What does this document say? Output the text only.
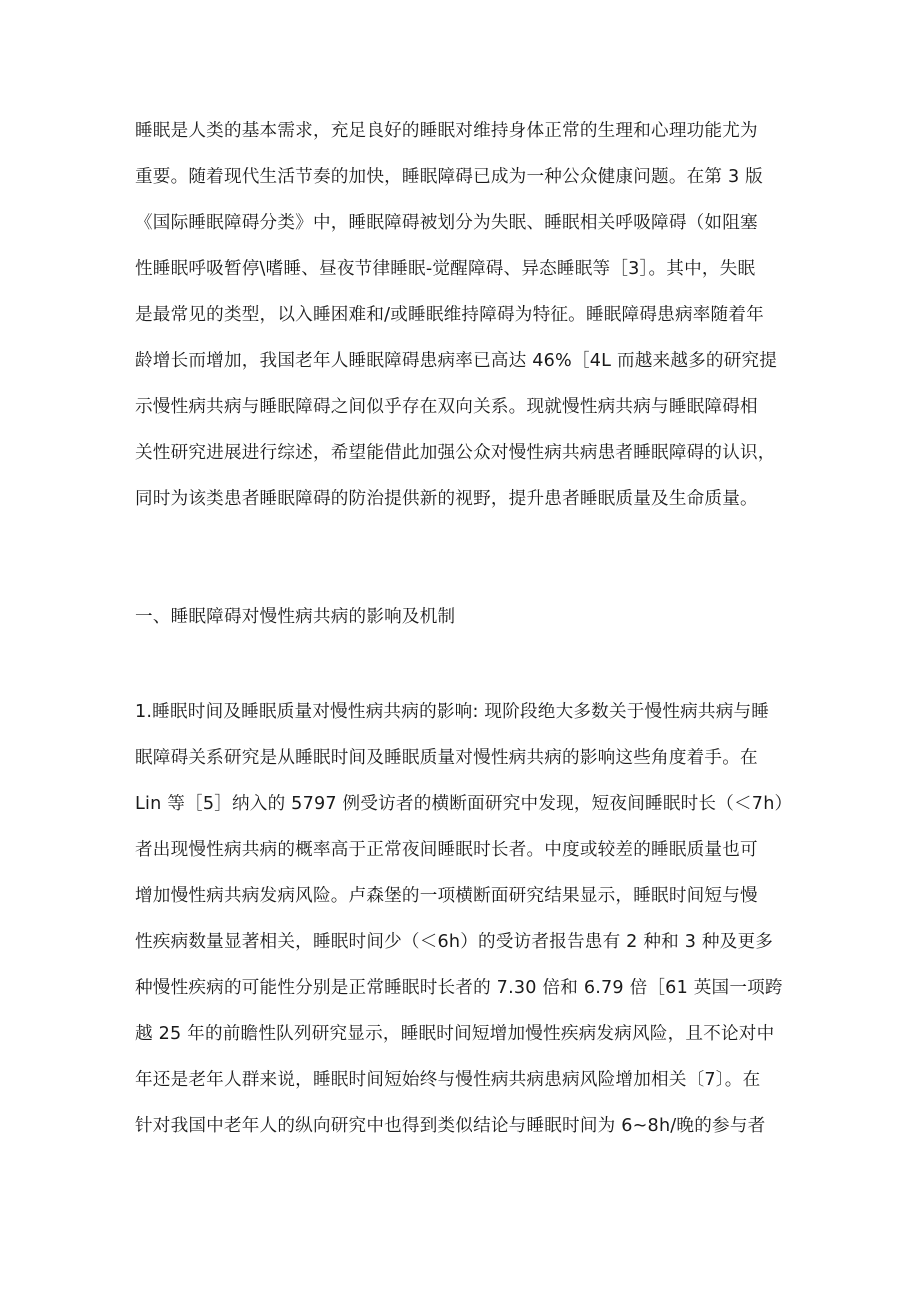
睡眠是人类的基本需求，充足良好的睡眠对维持身体正常的生理和心理功能尤为
重要。随着现代生活节奏的加快，睡眠障碍已成为一种公众健康问题。在第 3 版
《国际睡眠障碍分类》中，睡眠障碍被划分为失眠、睡眠相关呼吸障碍（如阻塞
性睡眠呼吸暂停\嗜睡、昼夜节律睡眠-觉醒障碍、异态睡眠等［3］。其中，失眠
是最常见的类型，以入睡困难和/或睡眠维持障碍为特征。睡眠障碍患病率随着年
龄增长而增加，我国老年人睡眠障碍患病率已高达 46%［4L 而越来越多的研究提
示慢性病共病与睡眠障碍之间似乎存在双向关系。现就慢性病共病与睡眠障碍相
关性研究进展进行综述，希望能借此加强公众对慢性病共病患者睡眠障碍的认识，
同时为该类患者睡眠障碍的防治提供新的视野，提升患者睡眠质量及生命质量。
一、睡眠障碍对慢性病共病的影响及机制
1.睡眠时间及睡眠质量对慢性病共病的影响: 现阶段绝大多数关于慢性病共病与睡
眠障碍关系研究是从睡眠时间及睡眠质量对慢性病共病的影响这些角度着手。在
Lin 等［5］纳入的 5797 例受访者的横断面研究中发现，短夜间睡眠时长（＜7h）
者出现慢性病共病的概率高于正常夜间睡眠时长者。中度或较差的睡眠质量也可
增加慢性病共病发病风险。卢森堡的一项横断面研究结果显示，睡眠时间短与慢
性疾病数量显著相关，睡眠时间少（＜6h）的受访者报告患有 2 种和 3 种及更多
种慢性疾病的可能性分别是正常睡眠时长者的 7.30 倍和 6.79 倍［61 英国一项跨
越 25 年的前瞻性队列研究显示，睡眠时间短增加慢性疾病发病风险，且不论对中
年还是老年人群来说，睡眠时间短始终与慢性病共病患病风险增加相关〔7〕。在
针对我国中老年人的纵向研究中也得到类似结论与睡眠时间为 6~8h/晚的参与者
